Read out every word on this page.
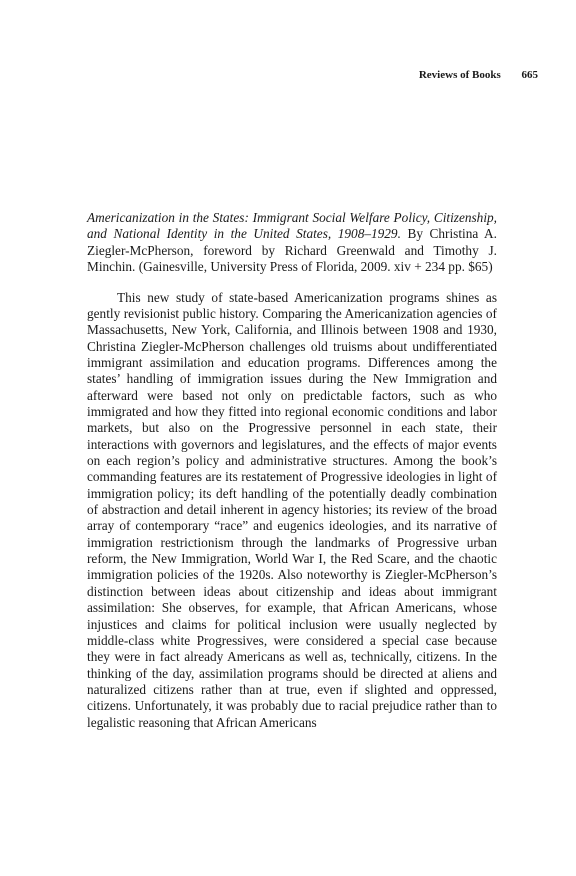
Reviews of Books 665

Americanization in the States: Immigrant Social Welfare Policy, Citizenship, and National Identity in the United States, 1908–1929. By Christina A. Ziegler-McPherson, foreword by Richard Greenwald and Timothy J. Minchin. (Gainesville, University Press of Florida, 2009. xiv + 234 pp. $65)

This new study of state-based Americanization programs shines as gently revisionist public history. Comparing the Americanization agencies of Massachusetts, New York, California, and Illinois between 1908 and 1930, Christina Ziegler-McPherson challenges old truisms about undifferentiated immigrant assimilation and education programs. Differences among the states’ handling of immigration issues during the New Immigration and afterward were based not only on predictable factors, such as who immigrated and how they fitted into regional economic conditions and labor markets, but also on the Progressive personnel in each state, their interactions with governors and legislatures, and the effects of major events on each region’s policy and administrative structures. Among the book’s commanding features are its restatement of Progressive ideologies in light of immigration policy; its deft handling of the potentially deadly combination of abstraction and detail inherent in agency histories; its review of the broad array of contemporary “race” and eugenics ideologies, and its narrative of immigration restrictionism through the landmarks of Progressive urban reform, the New Immigration, World War I, the Red Scare, and the chaotic immigration policies of the 1920s. Also noteworthy is Ziegler-McPherson’s distinction between ideas about citizenship and ideas about immigrant assimilation: She observes, for example, that African Americans, whose injustices and claims for political inclusion were usually neglected by middle-class white Progressives, were considered a special case because they were in fact already Americans as well as, technically, citizens. In the thinking of the day, assimilation programs should be directed at aliens and naturalized citizens rather than at true, even if slighted and oppressed, citizens. Unfortunately, it was probably due to racial prejudice rather than to legalistic reasoning that African Americans
